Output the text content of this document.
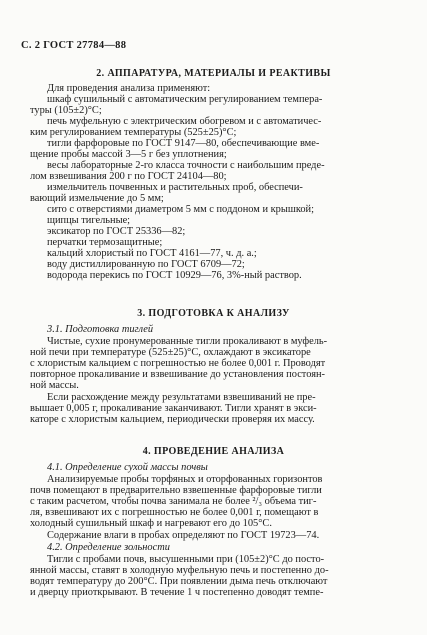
С. 2 ГОСТ 27784—88
2. АППАРАТУРА, МАТЕРИАЛЫ И РЕАКТИВЫ
Для проведения анализа применяют:
шкаф сушильный с автоматическим регулированием темпера-
туры (105±2)°С;
печь муфельную с электрическим обогревом и с автоматичес-
ким регулированием температуры (525±25)°С;
тигли фарфоровые по ГОСТ 9147—80, обеспечивающие вме-
щение пробы массой 3—5 г без уплотнения;
весы лабораторные 2-го класса точности с наибольшим преде-
лом взвешивания 200 г по ГОСТ 24104—80;
измельчитель почвенных и растительных проб, обеспечи-
вающий измельчение до 5 мм;
сито с отверстиями диаметром 5 мм с поддоном и крышкой;
щипцы тигельные;
эксикатор по ГОСТ 25336—82;
перчатки термозащитные;
кальций хлористый по ГОСТ 4161—77, ч. д. а.;
воду дистиллированную по ГОСТ 6709—72;
водорода перекись по ГОСТ 10929—76, 3%-ный раствор.
3. ПОДГОТОВКА К АНАЛИЗУ
3.1. Подготовка тиглей
Чистые, сухие пронумерованные тигли прокаливают в муфель-
ной печи при температуре (525±25)°С, охлаждают в эксикаторе
с хлористым кальцием с погрешностью не более 0,001 г. Проводят
повторное прокаливание и взвешивание до установления постоян-
ной массы.
Если расхождение между результатами взвешиваний не пре-
вышает 0,005 г, прокаливание заканчивают. Тигли хранят в экси-
каторе с хлористым кальцием, периодически проверяя их массу.
4. ПРОВЕДЕНИЕ АНАЛИЗА
4.1. Определение сухой массы почвы
Анализируемые пробы торфяных и оторфованных горизонтов
почв помещают в предварительно взвешенные фарфоровые тигли
с таким расчетом, чтобы почва занимала не более ²/₃ объема тиг-
ля, взвешивают их с погрешностью не более 0,001 г, помещают в
холодный сушильный шкаф и нагревают его до 105°С.
Содержание влаги в пробах определяют по ГОСТ 19723—74.
4.2. Определение зольности
Тигли с пробами почв, высушенными при (105±2)°С до посто-
янной массы, ставят в холодную муфельную печь и постепенно до-
водят температуру до 200°С. При появлении дыма печь отключают
и дверцу приоткрывают. В течение 1 ч постепенно доводят темпе-
